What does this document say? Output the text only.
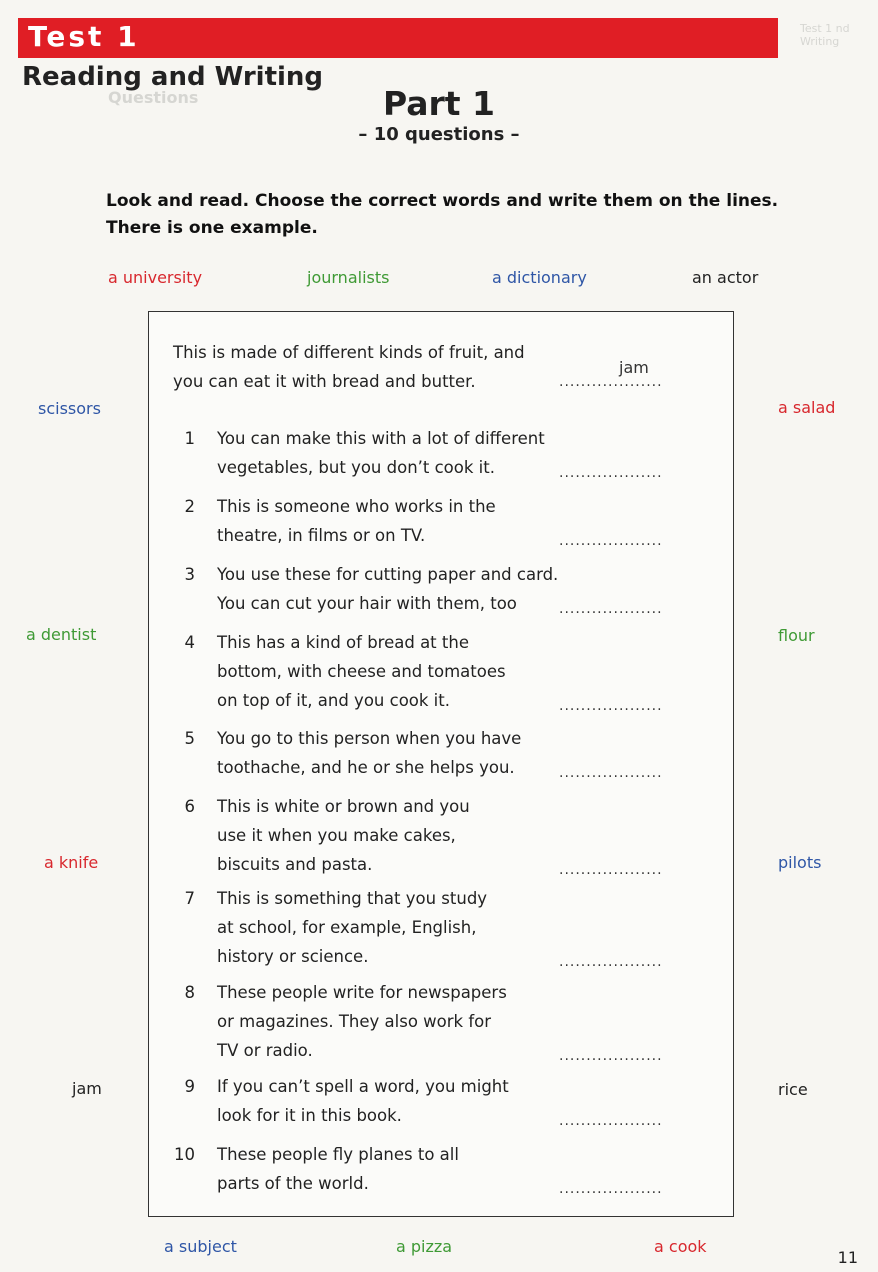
Test 1 nd Writing
Questions
Test 1
Reading and Writing
Part 1
– 10 questions –
Look and read. Choose the correct words and write them on the lines. There is one example.
a university	journalists	a dictionary	an actor
scissors	a salad
a dentist	flour
a knife	pilots
jam	rice
a subject	a pizza	a cook
This is made of different kinds of fruit, and
you can eat it with bread and butter.
jam
...................
1 You can make this with a lot of different
vegetables, but you don’t cook it.	...................
2 This is someone who works in the
theatre, in films or on TV.	...................
3 You use these for cutting paper and card.
You can cut your hair with them, too	...................
4 This has a kind of bread at the
bottom, with cheese and tomatoes
on top of it, and you cook it.	...................
5 You go to this person when you have
toothache, and he or she helps you.	...................
6 This is white or brown and you
use it when you make cakes,
biscuits and pasta.	...................
7 This is something that you study
at school, for example, English,
history or science.	...................
8 These people write for newspapers
or magazines. They also work for
TV or radio.	...................
9 If you can’t spell a word, you might
look for it in this book.	...................
10 These people fly planes to all
parts of the world.	...................
11
